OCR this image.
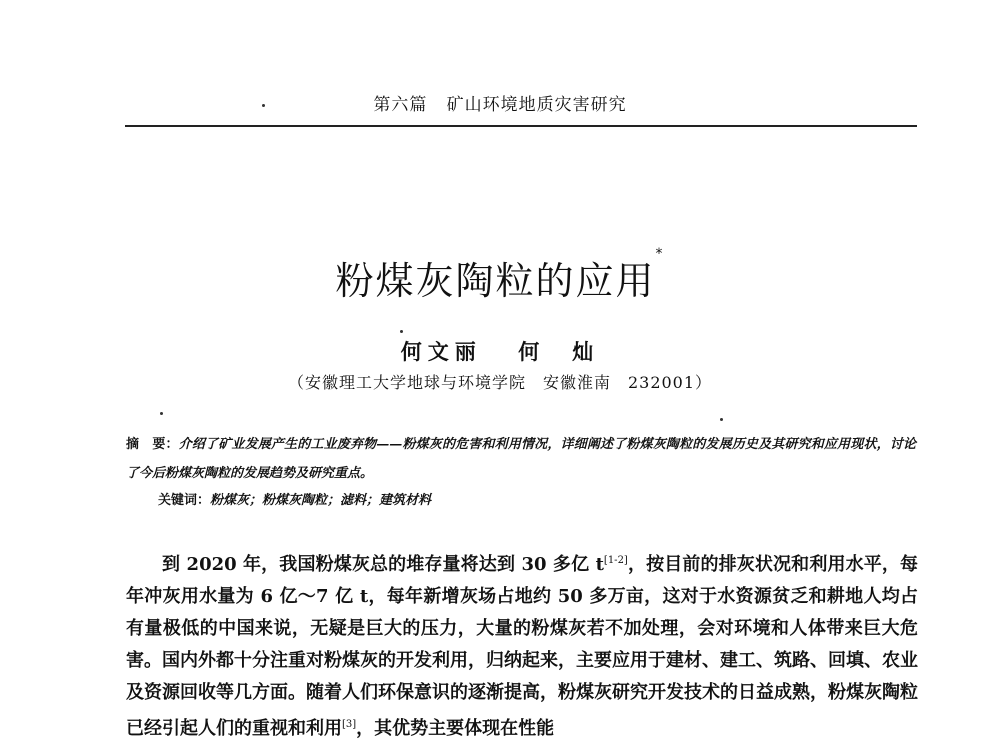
第六篇 矿山环境地质灾害研究
粉煤灰陶粒的应用*
何文丽 何　灿
（安徽理工大学地球与环境学院　安徽淮南　232001）
摘　要：介绍了矿业发展产生的工业废弃物——粉煤灰的危害和利用情况，详细阐述了粉煤灰陶粒的发展历史及其研究和应用现状，讨论了今后粉煤灰陶粒的发展趋势及研究重点。
关键词：粉煤灰；粉煤灰陶粒；滤料；建筑材料
到 2020 年，我国粉煤灰总的堆存量将达到 30 多亿 t[1-2]，按目前的排灰状况和利用水平，每年冲灰用水量为 6 亿～7 亿 t，每年新增灰场占地约 50 多万亩，这对于水资源贫乏和耕地人均占有量极低的中国来说，无疑是巨大的压力，大量的粉煤灰若不加处理，会对环境和人体带来巨大危害。国内外都十分注重对粉煤灰的开发利用，归纳起来，主要应用于建材、建工、筑路、回填、农业及资源回收等几方面。随着人们环保意识的逐渐提高，粉煤灰研究开发技术的日益成熟，粉煤灰陶粒已经引起人们的重视和利用[3]，其优势主要体现在性能
